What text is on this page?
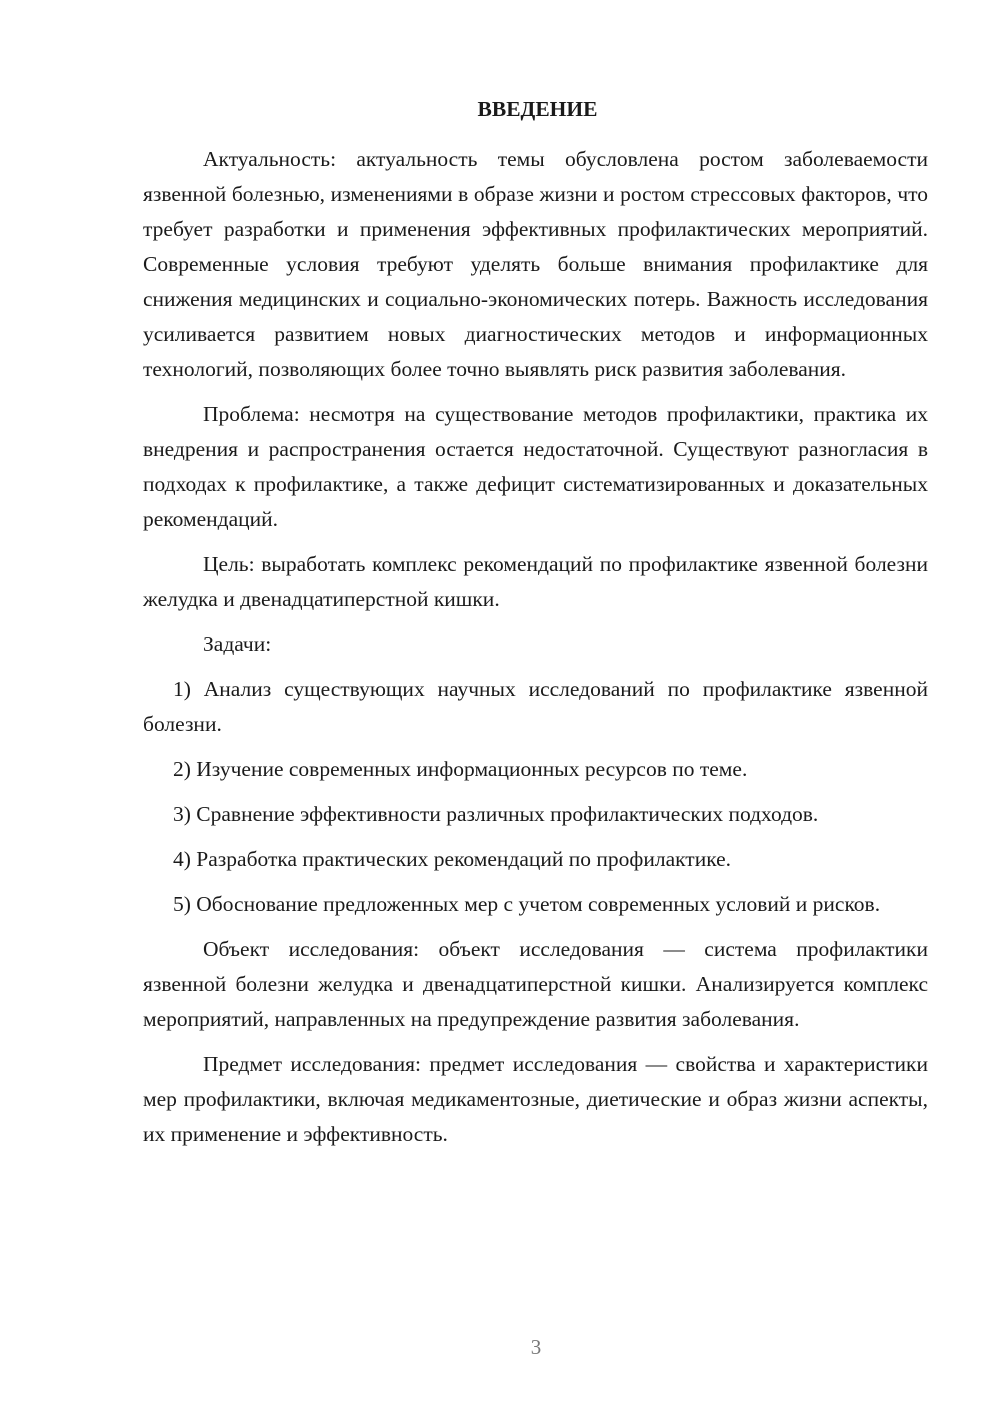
ВВЕДЕНИЕ

Актуальность: актуальность темы обусловлена ростом заболеваемости язвенной болезнью, изменениями в образе жизни и ростом стрессовых факторов, что требует разработки и применения эффективных профилактических мероприятий. Современные условия требуют уделять больше внимания профилактике для снижения медицинских и социально-экономических потерь. Важность исследования усиливается развитием новых диагностических методов и информационных технологий, позволяющих более точно выявлять риск развития заболевания.

Проблема: несмотря на существование методов профилактики, практика их внедрения и распространения остается недостаточной. Существуют разногласия в подходах к профилактике, а также дефицит систематизированных и доказательных рекомендаций.

Цель: выработать комплекс рекомендаций по профилактике язвенной болезни желудка и двенадцатиперстной кишки.

Задачи:

1) Анализ существующих научных исследований по профилактике язвенной болезни.

2) Изучение современных информационных ресурсов по теме.

3) Сравнение эффективности различных профилактических подходов.

4) Разработка практических рекомендаций по профилактике.

5) Обоснование предложенных мер с учетом современных условий и рисков.

Объект исследования: объект исследования — система профилактики язвенной болезни желудка и двенадцатиперстной кишки. Анализируется комплекс мероприятий, направленных на предупреждение развития заболевания.

Предмет исследования: предмет исследования — свойства и характеристики мер профилактики, включая медикаментозные, диетические и образ жизни аспекты, их применение и эффективность.

3
